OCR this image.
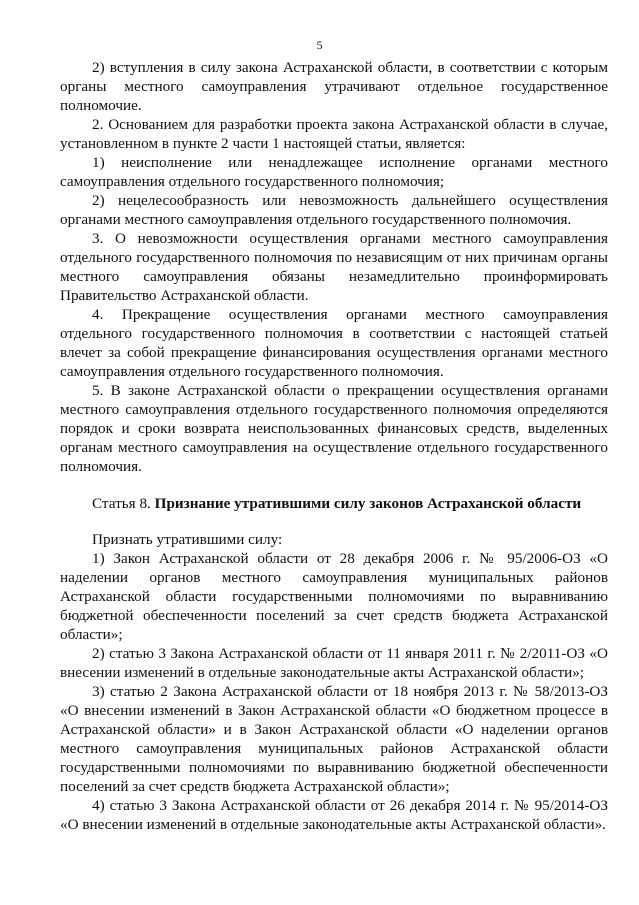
5

2) вступления в силу закона Астраханской области, в соответствии с которым органы местного самоуправления утрачивают отдельное государственное полномочие.

2. Основанием для разработки проекта закона Астраханской области в случае, установленном в пункте 2 части 1 настоящей статьи, является:

1) неисполнение или ненадлежащее исполнение органами местного самоуправления отдельного государственного полномочия;

2) нецелесообразность или невозможность дальнейшего осуществления органами местного самоуправления отдельного государственного полномочия.

3. О невозможности осуществления органами местного самоуправления отдельного государственного полномочия по независящим от них причинам органы местного самоуправления обязаны незамедлительно проинформировать Правительство Астраханской области.

4. Прекращение осуществления органами местного самоуправления отдельного государственного полномочия в соответствии с настоящей статьей влечет за собой прекращение финансирования осуществления органами местного самоуправления отдельного государственного полномочия.

5. В законе Астраханской области о прекращении осуществления органами местного самоуправления отдельного государственного полномочия определяются порядок и сроки возврата неиспользованных финансовых средств, выделенных органам местного самоуправления на осуществление отдельного государственного полномочия.

Статья 8. Признание утратившими силу законов Астраханской области

Признать утратившими силу:

1) Закон Астраханской области от 28 декабря 2006 г. № 95/2006-ОЗ «О наделении органов местного самоуправления муниципальных районов Астраханской области государственными полномочиями по выравниванию бюджетной обеспеченности поселений за счет средств бюджета Астраханской области»;

2) статью 3 Закона Астраханской области от 11 января 2011 г. № 2/2011-ОЗ «О внесении изменений в отдельные законодательные акты Астраханской области»;

3) статью 2 Закона Астраханской области от 18 ноября 2013 г. № 58/2013-ОЗ «О внесении изменений в Закон Астраханской области «О бюджетном процессе в Астраханской области» и в Закон Астраханской области «О наделении органов местного самоуправления муниципальных районов Астраханской области государственными полномочиями по выравниванию бюджетной обеспеченности поселений за счет средств бюджета Астраханской области»;

4) статью 3 Закона Астраханской области от 26 декабря 2014 г. № 95/2014-ОЗ «О внесении изменений в отдельные законодательные акты Астраханской области».
